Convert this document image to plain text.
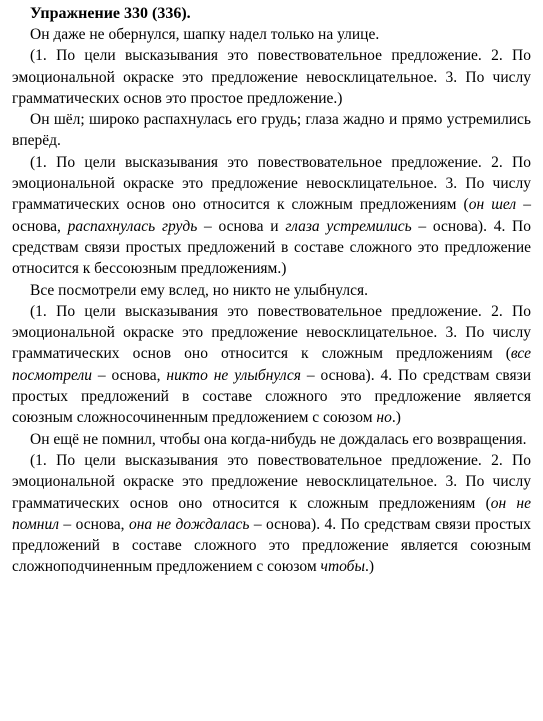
Упражнение 330 (336).

Он даже не обернулся, шапку надел только на улице.

(1. По цели высказывания это повествовательное предложение. 2. По эмоциональной окраске это предложение невосклицательное. 3. По числу грамматических основ это простое предложение.)

Он шёл; широко распахнулась его грудь; глаза жадно и прямо устремились вперёд.

(1. По цели высказывания это повествовательное предложение. 2. По эмоциональной окраске это предложение невосклицательное. 3. По числу грамматических основ оно относится к сложным предложениям (он шел – основа, распахнулась грудь – основа и глаза устремились – основа). 4. По средствам связи простых предложений в составе сложного это предложение относится к бессоюзным предложениям.)

Все посмотрели ему вслед, но никто не улыбнулся.

(1. По цели высказывания это повествовательное предложение. 2. По эмоциональной окраске это предложение невосклицательное. 3. По числу грамматических основ оно относится к сложным предложениям (все посмотрели – основа, никто не улыбнулся – основа). 4. По средствам связи простых предложений в составе сложного это предложение является союзным сложносочиненным предложением с союзом но.)

Он ещё не помнил, чтобы она когда-нибудь не дождалась его возвращения.

(1. По цели высказывания это повествовательное предложение. 2. По эмоциональной окраске это предложение невосклицательное. 3. По числу грамматических основ оно относится к сложным предложениям (он не помнил – основа, она не дождалась – основа). 4. По средствам связи простых предложений в составе сложного это предложение является союзным сложноподчиненным предложением с союзом чтобы.)
